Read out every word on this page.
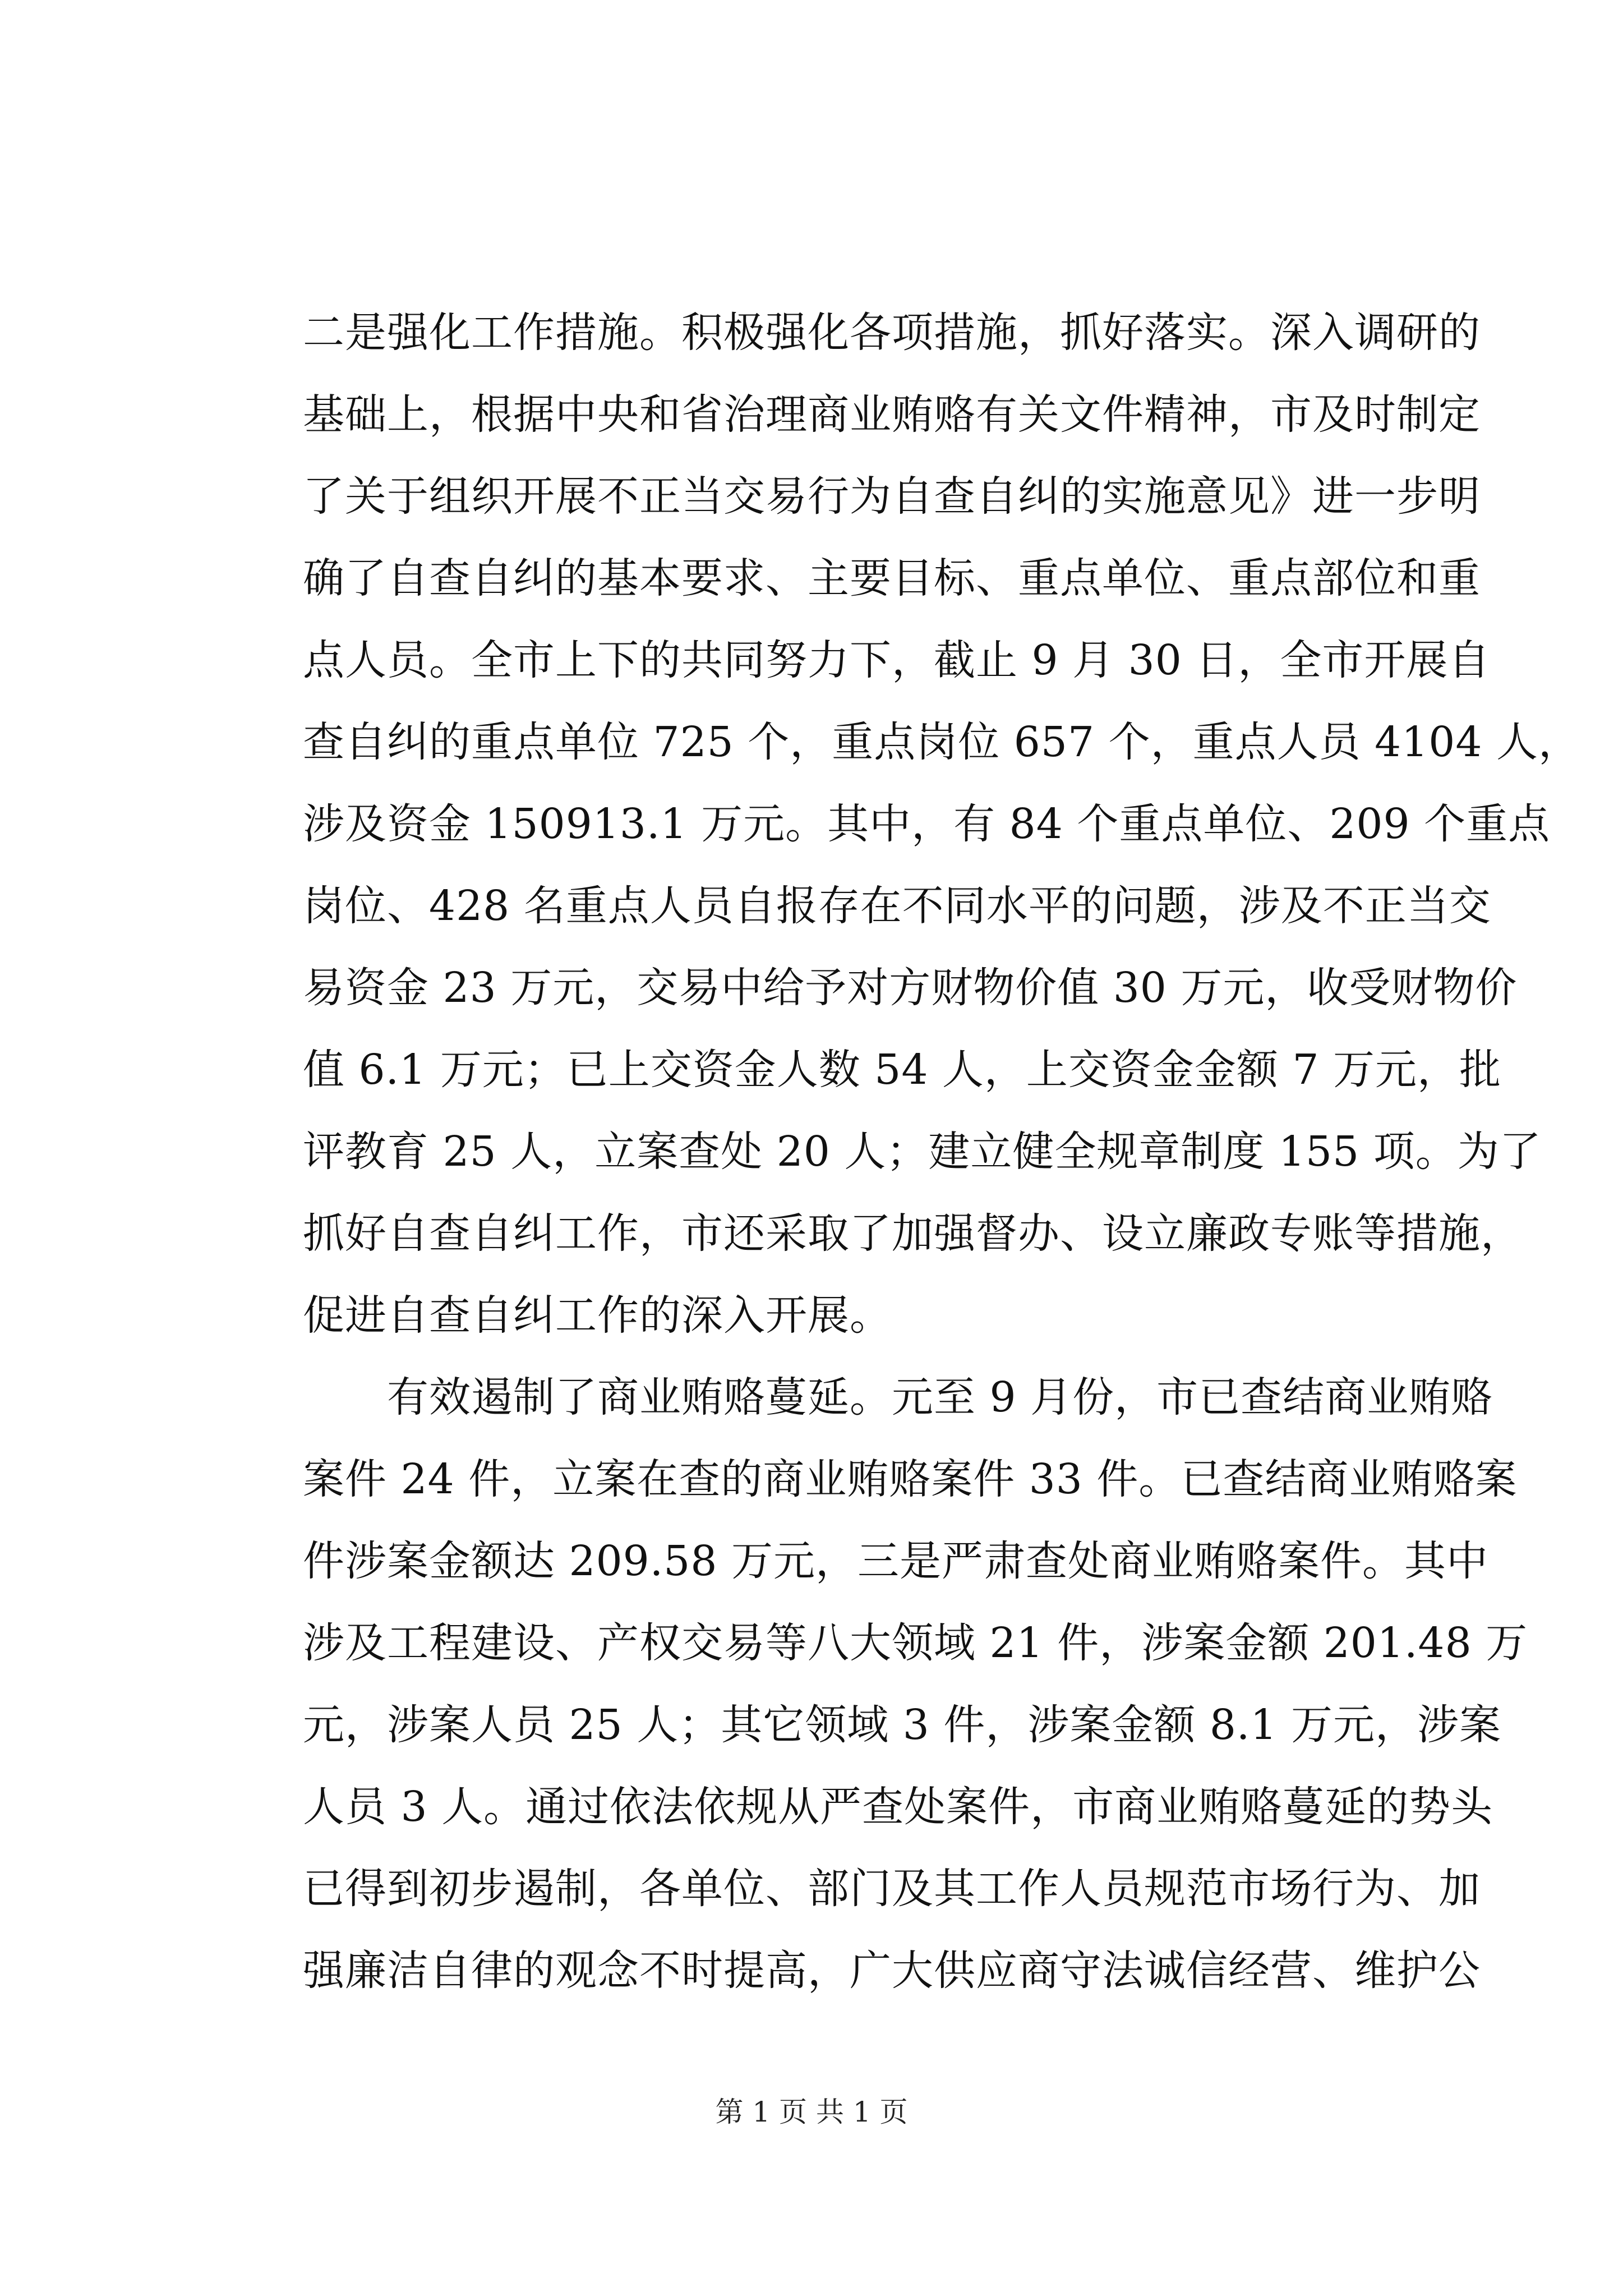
二是强化工作措施。积极强化各项措施，抓好落实。深入调研的
基础上，根据中央和省治理商业贿赂有关文件精神，市及时制定
了关于组织开展不正当交易行为自查自纠的实施意见》进一步明
确了自查自纠的基本要求、主要目标、重点单位、重点部位和重
点人员。全市上下的共同努力下，截止 9 月 30 日，全市开展自
查自纠的重点单位 725 个，重点岗位 657 个，重点人员 4104 人，
涉及资金 150913.1 万元。其中，有 84 个重点单位、209 个重点
岗位、428 名重点人员自报存在不同水平的问题，涉及不正当交
易资金 23 万元，交易中给予对方财物价值 30 万元，收受财物价
值 6.1 万元；已上交资金人数 54 人，上交资金金额 7 万元，批
评教育 25 人，立案查处 20 人；建立健全规章制度 155 项。为了
抓好自查自纠工作，市还采取了加强督办、设立廉政专账等措施，
促进自查自纠工作的深入开展。
　　有效遏制了商业贿赂蔓延。元至 9 月份，市已查结商业贿赂
案件 24 件，立案在查的商业贿赂案件 33 件。已查结商业贿赂案
件涉案金额达 209.58 万元，三是严肃查处商业贿赂案件。其中
涉及工程建设、产权交易等八大领域 21 件，涉案金额 201.48 万
元，涉案人员 25 人；其它领域 3 件，涉案金额 8.1 万元，涉案
人员 3 人。通过依法依规从严查处案件，市商业贿赂蔓延的势头
已得到初步遏制，各单位、部门及其工作人员规范市场行为、加
强廉洁自律的观念不时提高，广大供应商守法诚信经营、维护公
第 1 页 共 1 页
